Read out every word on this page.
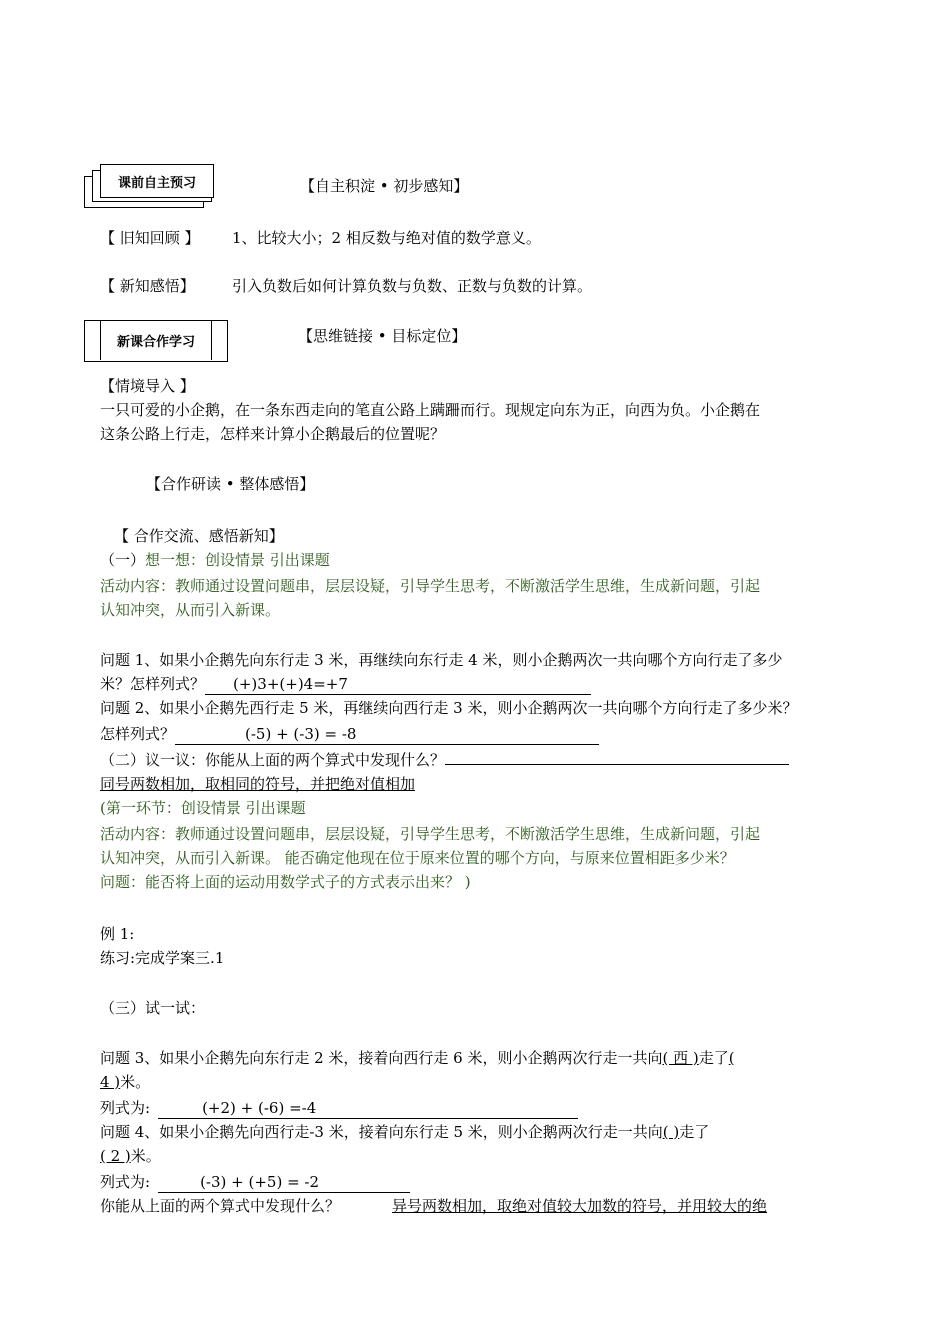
课前自主预习	【自主积淀 • 初步感知】
【 旧知回顾 】 1、比较大小；2 相反数与绝对值的数学意义。
【 新知感悟】 引入负数后如何计算负数与负数、正数与负数的计算。
新课合作学习	【思维链接 • 目标定位】
【情境导入 】
一只可爱的小企鹅，在一条东西走向的笔直公路上蹒跚而行。现规定向东为正，向西为负。小企鹅在
这条公路上行走，怎样来计算小企鹅最后的位置呢？
【合作研读 • 整体感悟】
【 合作交流、感悟新知】
（一）想一想：创设情景 引出课题
活动内容：教师通过设置问题串，层层设疑，引导学生思考，不断激活学生思维，生成新问题，引起
认知冲突，从而引入新课。
问题 1、如果小企鹅先向东行走 3 米，再继续向东行走 4 米，则小企鹅两次一共向哪个方向行走了多少
米？怎样列式？ (+)3+(+)4=+7
问题 2、如果小企鹅先西行走 5 米，再继续向西行走 3 米，则小企鹅两次一共向哪个方向行走了多少米？
怎样列式？	(-5) + (-3) = -8
（二）议一议：你能从上面的两个算式中发现什么？
同号两数相加，取相同的符号，并把绝对值相加
(第一环节：创设情景 引出课题
活动内容：教师通过设置问题串，层层设疑，引导学生思考，不断激活学生思维，生成新问题，引起
认知冲突，从而引入新课。 能否确定他现在位于原来位置的哪个方向，与原来位置相距多少米？
问题：能否将上面的运动用数学式子的方式表示出来？ )
例 1:
练习:完成学案三.1
（三）试一试：
问题 3、如果小企鹅先向东行走 2 米，接着向西行走 6 米，则小企鹅两次行走一共向( 西 )走了(
4 )米。
列式为:	(+2) + (-6) =-4
问题 4、如果小企鹅先向西行走-3 米，接着向东行走 5 米，则小企鹅两次行走一共向( )走了
( 2 )米。
列式为:	(-3) + (+5) = -2
你能从上面的两个算式中发现什么？	异号两数相加，取绝对值较大加数的符号，并用较大的绝
